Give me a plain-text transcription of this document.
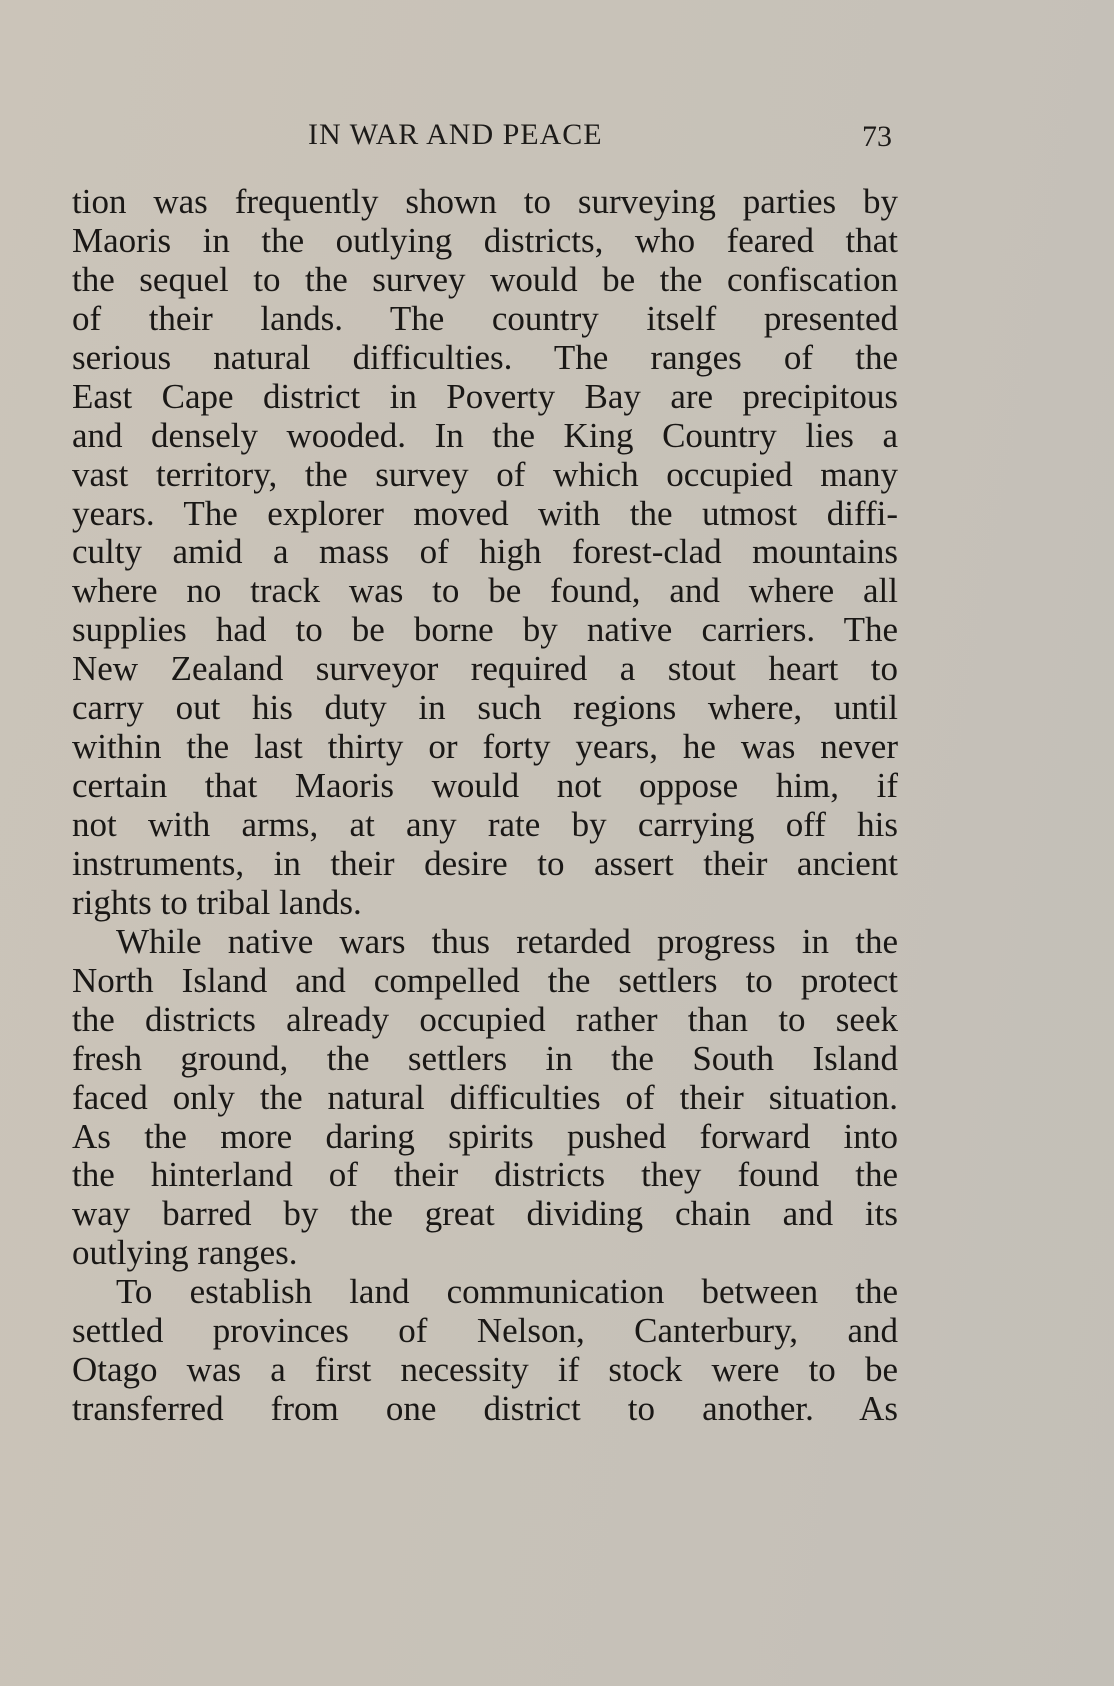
IN WAR AND PEACE	73
tion was frequently shown to surveying parties by
Maoris in the outlying districts, who feared that
the sequel to the survey would be the confiscation
of their lands. The country itself presented
serious natural difficulties. The ranges of the
East Cape district in Poverty Bay are precipitous
and densely wooded. In the King Country lies a
vast territory, the survey of which occupied many
years. The explorer moved with the utmost diffi-
culty amid a mass of high forest-clad mountains
where no track was to be found, and where all
supplies had to be borne by native carriers. The
New Zealand surveyor required a stout heart to
carry out his duty in such regions where, until
within the last thirty or forty years, he was never
certain that Maoris would not oppose him, if
not with arms, at any rate by carrying off his
instruments, in their desire to assert their ancient
rights to tribal lands.
While native wars thus retarded progress in the
North Island and compelled the settlers to protect
the districts already occupied rather than to seek
fresh ground, the settlers in the South Island
faced only the natural difficulties of their situation.
As the more daring spirits pushed forward into
the hinterland of their districts they found the
way barred by the great dividing chain and its
outlying ranges.
To establish land communication between the
settled provinces of Nelson, Canterbury, and
Otago was a first necessity if stock were to be
transferred from one district to another. As
